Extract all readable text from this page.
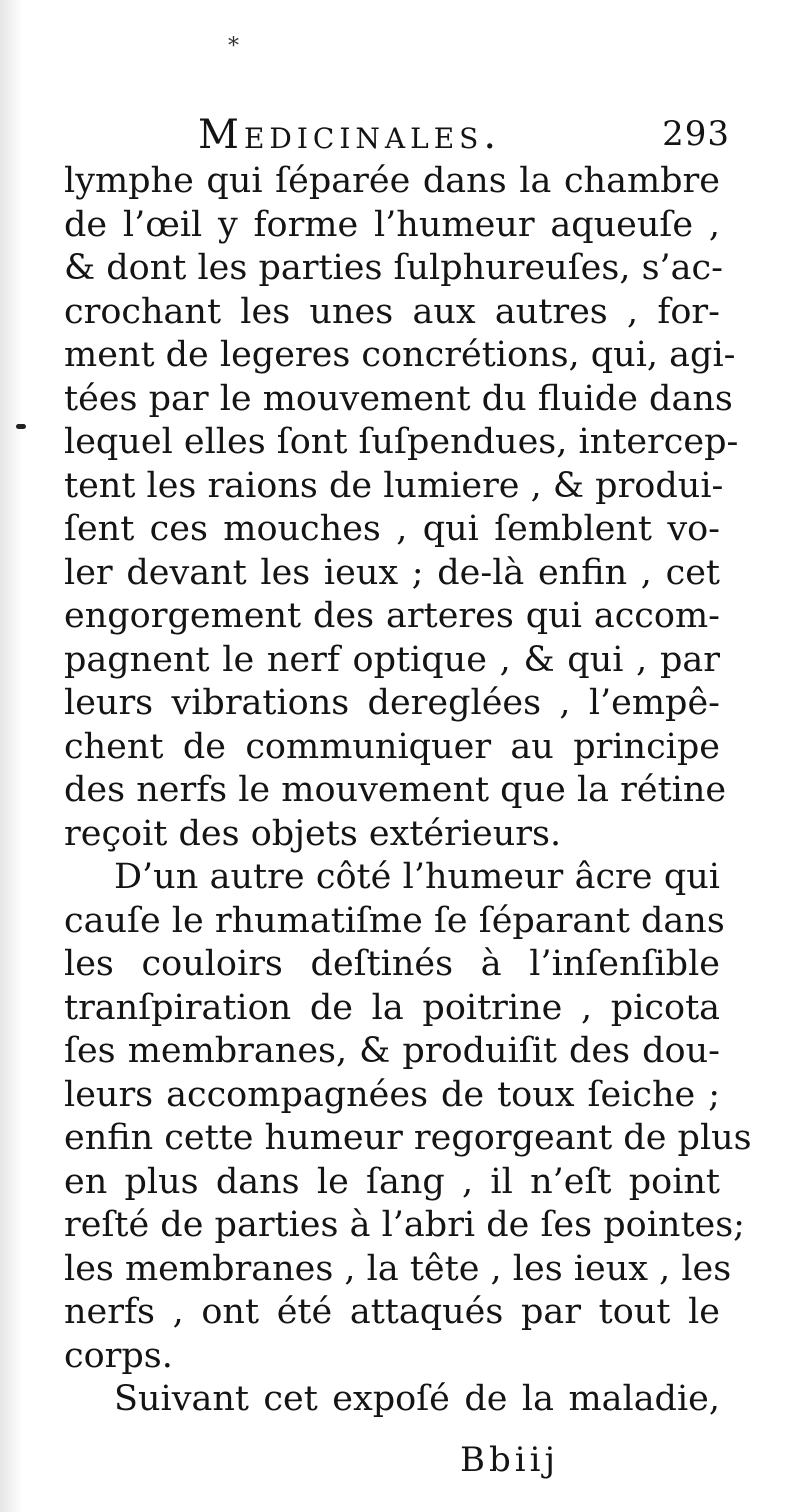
*
Medicinales.	293
lymphe qui ſéparée dans la chambre
de l’œil y forme l’humeur aqueuſe ,
& dont les parties ſulphureuſes, s’ac-
crochant les unes aux autres , for-
ment de legeres concrétions, qui, agi-
tées par le mouvement du fluide dans
lequel elles ſont ſuſpendues, intercep-
tent les raions de lumiere , & produi-
ſent ces mouches , qui ſemblent vo-
ler devant les ieux ; de-là enfin , cet
engorgement des arteres qui accom-
pagnent le nerf optique , & qui , par
leurs vibrations dereglées , l’empê-
chent de communiquer au principe
des nerfs le mouvement que la rétine
reçoit des objets extérieurs.
D’un autre côté l’humeur âcre qui
cauſe le rhumatiſme ſe ſéparant dans
les couloirs deſtinés à l’inſenſible
tranſpiration de la poitrine , picota
ſes membranes, & produiſit des dou-
leurs accompagnées de toux ſeiche ;
enfin cette humeur regorgeant de plus
en plus dans le ſang , il n’eſt point
reſté de parties à l’abri de ſes pointes;
les membranes , la tête , les ieux , les
nerfs , ont été attaqués par tout le
corps.
Suivant cet expoſé de la maladie,
Bbiij
